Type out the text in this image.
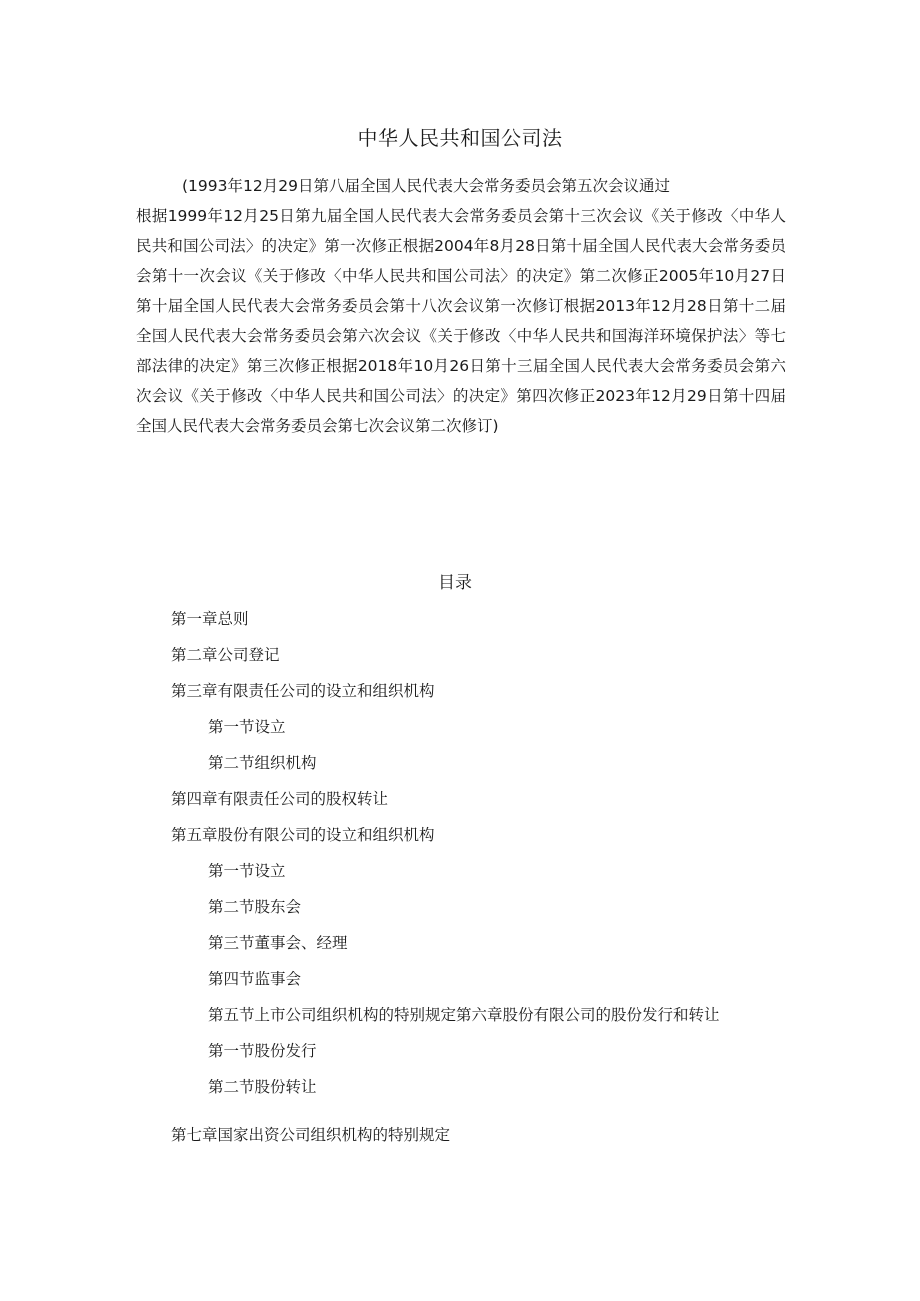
中华人民共和国公司法
(1993年12月29日第八届全国人民代表大会常务委员会第五次会议通过
根据1999年12月25日第九届全国人民代表大会常务委员会第十三次会议《关于修改〈中华人民共和国公司法〉的决定》第一次修正根据2004年8月28日第十届全国人民代表大会常务委员会第十一次会议《关于修改〈中华人民共和国公司法〉的决定》第二次修正2005年10月27日第十届全国人民代表大会常务委员会第十八次会议第一次修订根据2013年12月28日第十二届全国人民代表大会常务委员会第六次会议《关于修改〈中华人民共和国海洋环境保护法〉等七部法律的决定》第三次修正根据2018年10月26日第十三届全国人民代表大会常务委员会第六次会议《关于修改〈中华人民共和国公司法〉的决定》第四次修正2023年12月29日第十四届全国人民代表大会常务委员会第七次会议第二次修订)
目录
第一章总则
第二章公司登记
第三章有限责任公司的设立和组织机构
第一节设立
第二节组织机构
第四章有限责任公司的股权转让
第五章股份有限公司的设立和组织机构
第一节设立
第二节股东会
第三节董事会、经理
第四节监事会
第五节上市公司组织机构的特别规定第六章股份有限公司的股份发行和转让
第一节股份发行
第二节股份转让
第七章国家出资公司组织机构的特别规定
